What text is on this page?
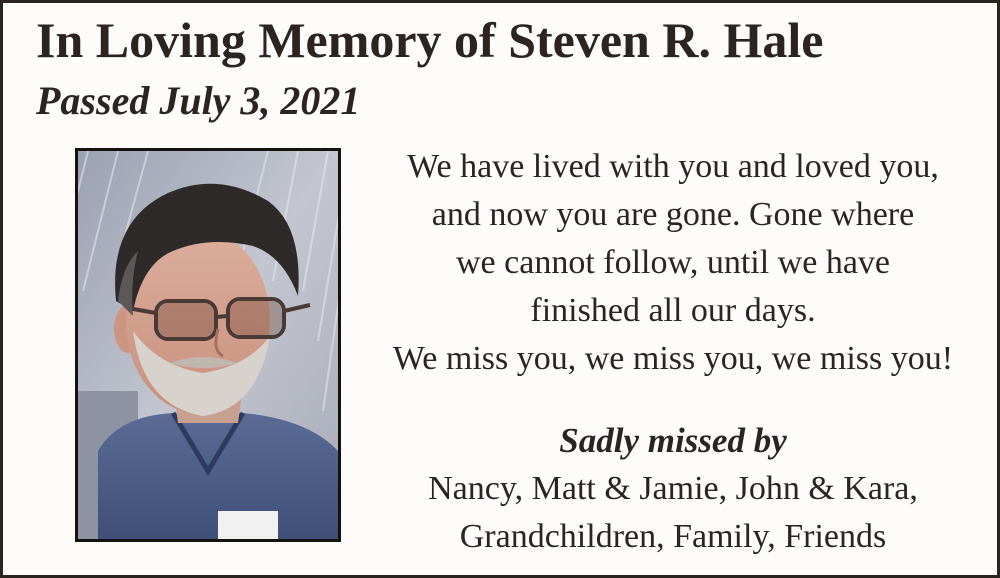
In Loving Memory of Steven R. Hale
Passed July 3, 2021

We have lived with you and loved you,
and now you are gone. Gone where
we cannot follow, until we have
finished all our days.
We miss you, we miss you, we miss you!

Sadly missed by

Nancy, Matt & Jamie, John & Kara,
Grandchildren, Family, Friends
